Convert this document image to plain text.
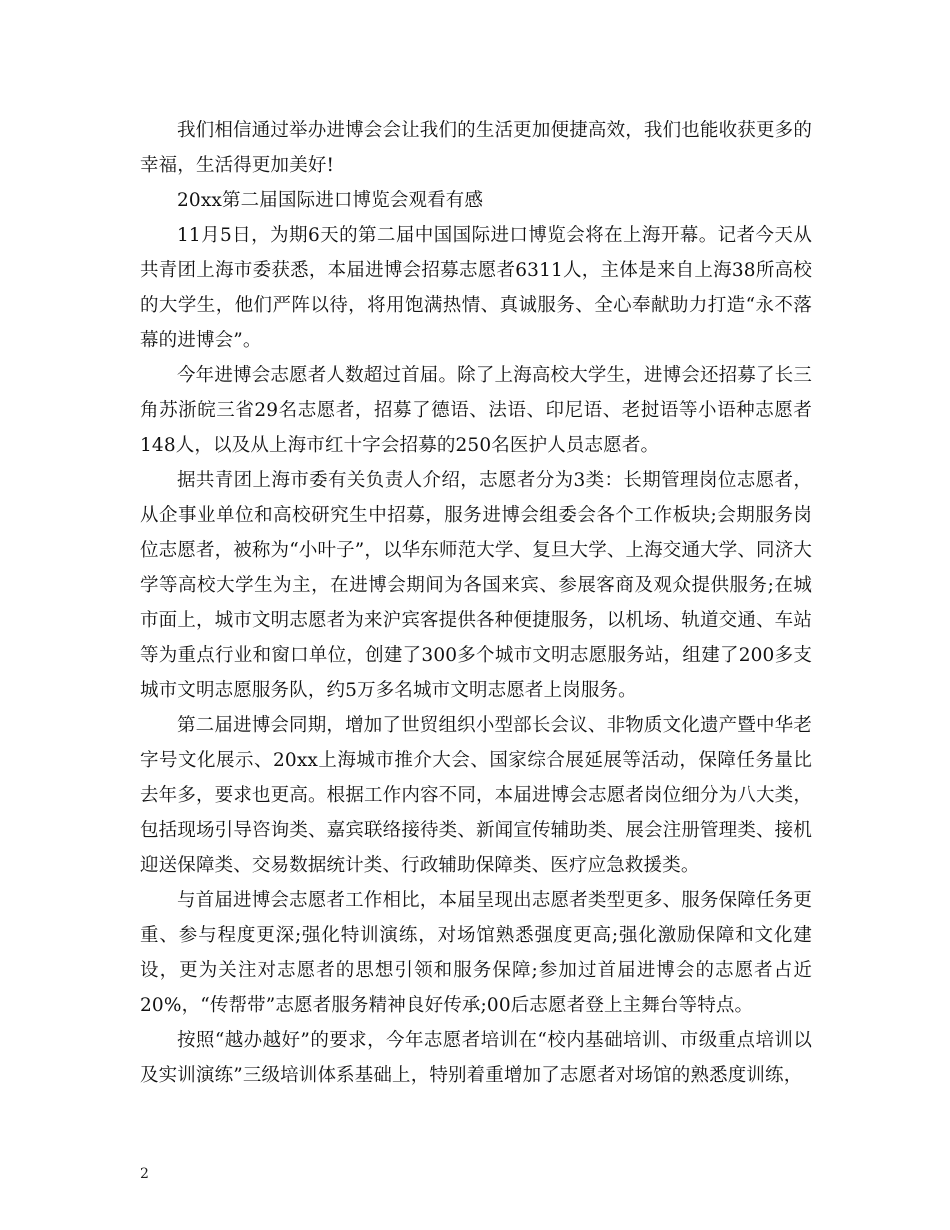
我们相信通过举办进博会会让我们的生活更加便捷高效，我们也能收获更多的幸福，生活得更加美好!

20xx第二届国际进口博览会观看有感

11月5日，为期6天的第二届中国国际进口博览会将在上海开幕。记者今天从共青团上海市委获悉，本届进博会招募志愿者6311人，主体是来自上海38所高校的大学生，他们严阵以待，将用饱满热情、真诚服务、全心奉献助力打造“永不落幕的进博会”。

今年进博会志愿者人数超过首届。除了上海高校大学生，进博会还招募了长三角苏浙皖三省29名志愿者，招募了德语、法语、印尼语、老挝语等小语种志愿者148人，以及从上海市红十字会招募的250名医护人员志愿者。

据共青团上海市委有关负责人介绍，志愿者分为3类：长期管理岗位志愿者，从企事业单位和高校研究生中招募，服务进博会组委会各个工作板块;会期服务岗位志愿者，被称为“小叶子”，以华东师范大学、复旦大学、上海交通大学、同济大学等高校大学生为主，在进博会期间为各国来宾、参展客商及观众提供服务;在城市面上，城市文明志愿者为来沪宾客提供各种便捷服务，以机场、轨道交通、车站等为重点行业和窗口单位，创建了300多个城市文明志愿服务站，组建了200多支城市文明志愿服务队，约5万多名城市文明志愿者上岗服务。

第二届进博会同期，增加了世贸组织小型部长会议、非物质文化遗产暨中华老字号文化展示、20xx上海城市推介大会、国家综合展延展等活动，保障任务量比去年多，要求也更高。根据工作内容不同，本届进博会志愿者岗位细分为八大类，包括现场引导咨询类、嘉宾联络接待类、新闻宣传辅助类、展会注册管理类、接机迎送保障类、交易数据统计类、行政辅助保障类、医疗应急救援类。

与首届进博会志愿者工作相比，本届呈现出志愿者类型更多、服务保障任务更重、参与程度更深;强化特训演练，对场馆熟悉强度更高;强化激励保障和文化建设，更为关注对志愿者的思想引领和服务保障;参加过首届进博会的志愿者占近20%，“传帮带”志愿者服务精神良好传承;00后志愿者登上主舞台等特点。

按照“越办越好”的要求，今年志愿者培训在“校内基础培训、市级重点培训以及实训演练”三级培训体系基础上，特别着重增加了志愿者对场馆的熟悉度训练，

2
